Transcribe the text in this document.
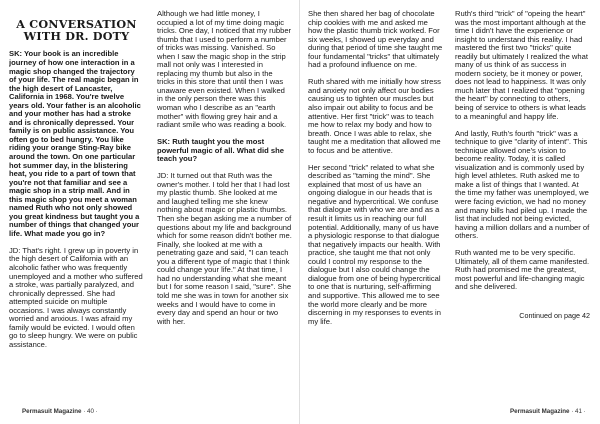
A CONVERSATION WITH DR. DOTY

SK: Your book is an incredible journey of how one interaction in a magic shop changed the trajectory of your life. The real magic began in the high desert of Lancaster, California in 1968. You're twelve years old. Your father is an alcoholic and your mother has had a stroke and is chronically depressed. Your family is on public assistance. You often go to bed hungry. You like riding your orange Sting-Ray bike around the town. On one particular hot summer day, in the blistering heat, you ride to a part of town that you're not that familiar and see a magic shop in a strip mall. And in this magic shop you meet a woman named Ruth who not only showed you great kindness but taught you a number of things that changed your life. What made you go in?

JD: That's right. I grew up in poverty in the high desert of California with an alcoholic father who was frequently unemployed and a mother who suffered a stroke, was partially paralyzed, and chronically depressed. She had attempted suicide on multiple occasions. I was always constantly worried and anxious. I was afraid my family would be evicted. I would often go to sleep hungry. We were on public assistance.

Although we had little money, I occupied a lot of my time doing magic tricks. One day, I noticed that my rubber thumb that I used to perform a number of tricks was missing. Vanished. So when I saw the magic shop in the strip mall not only was I interested in replacing my thumb but also in the tricks in this store that until then I was unaware even existed. When I walked in the only person there was this woman who I describe as an "earth mother" with flowing grey hair and a radiant smile who was reading a book.

SK: Ruth taught you the most powerful magic of all. What did she teach you?

JD: It turned out that Ruth was the owner's mother. I told her that I had lost my plastic thumb. She looked at me and laughed telling me she knew nothing about magic or plastic thumbs. Then she began asking me a number of questions about my life and background which for some reason didn't bother me. Finally, she looked at me with a penetrating gaze and said, "I can teach you a different type of magic that I think could change your life." At that time, I had no understanding what she meant but I for some reason I said, "sure". She told me she was in town for another six weeks and I would have to come in every day and spend an hour or two with her.

Permasuit Magazine · 40 ·

She then shared her bag of chocolate chip cookies with me and asked me how the plastic thumb trick worked. For six weeks, I showed up everyday and during that period of time she taught me four fundamental "tricks" that ultimately had a profound influence on me.

Ruth shared with me initially how stress and anxiety not only affect our bodies causing us to tighten our muscles but also impair out ability to focus and be attentive. Her first "trick" was to teach me how to relax my body and how to breath. Once I was able to relax, she taught me a meditation that allowed me to focus and be attentive.

Her second "trick" related to what she described as "taming the mind". She explained that most of us have an ongoing dialogue in our heads that is negative and hypercritical. We confuse that dialogue with who we are and as a result it limits us in reaching our full potential. Additionally, many of us have a physiologic response to that dialogue that negatively impacts our health. With practice, she taught me that not only could I control my response to the dialogue but I also could change the dialogue from one of being hypercritical to one that is nurturing, self-affirming and supportive. This allowed me to see the world more clearly and be more discerning in my responses to events in my life.

Ruth's third "trick" of "opeing the heart" was the most important although at the time I didn't have the experience or insight to understand this reality. I had mastered the first two "tricks" quite readily but ultimately I realized the what many of us think of as success in modern society, be it money or power, does not lead to happiness. It was only much later that I realized that "opening the heart" by connecting to others, being of service to others is what leads to a meaningful and happy life.

And lastly, Ruth's fourth "trick" was a technique to give "clarity of intent". This technique allowed one's vision to become reality. Today, it is called visualization and is commonly used by high level athletes. Ruth asked me to make a list of things that I wanted. At the time my father was unemployed, we were facing eviction, we had no money and many bills had piled up. I made the list that included not being evicted, having a million dollars and a number of others.

Ruth wanted me to be very specific. Ultimately, all of them came manifested. Ruth had promised me the greatest, most powerful and life-changing magic and she delivered.

Continued on page 42
Permasuit Magazine · 41 ·
